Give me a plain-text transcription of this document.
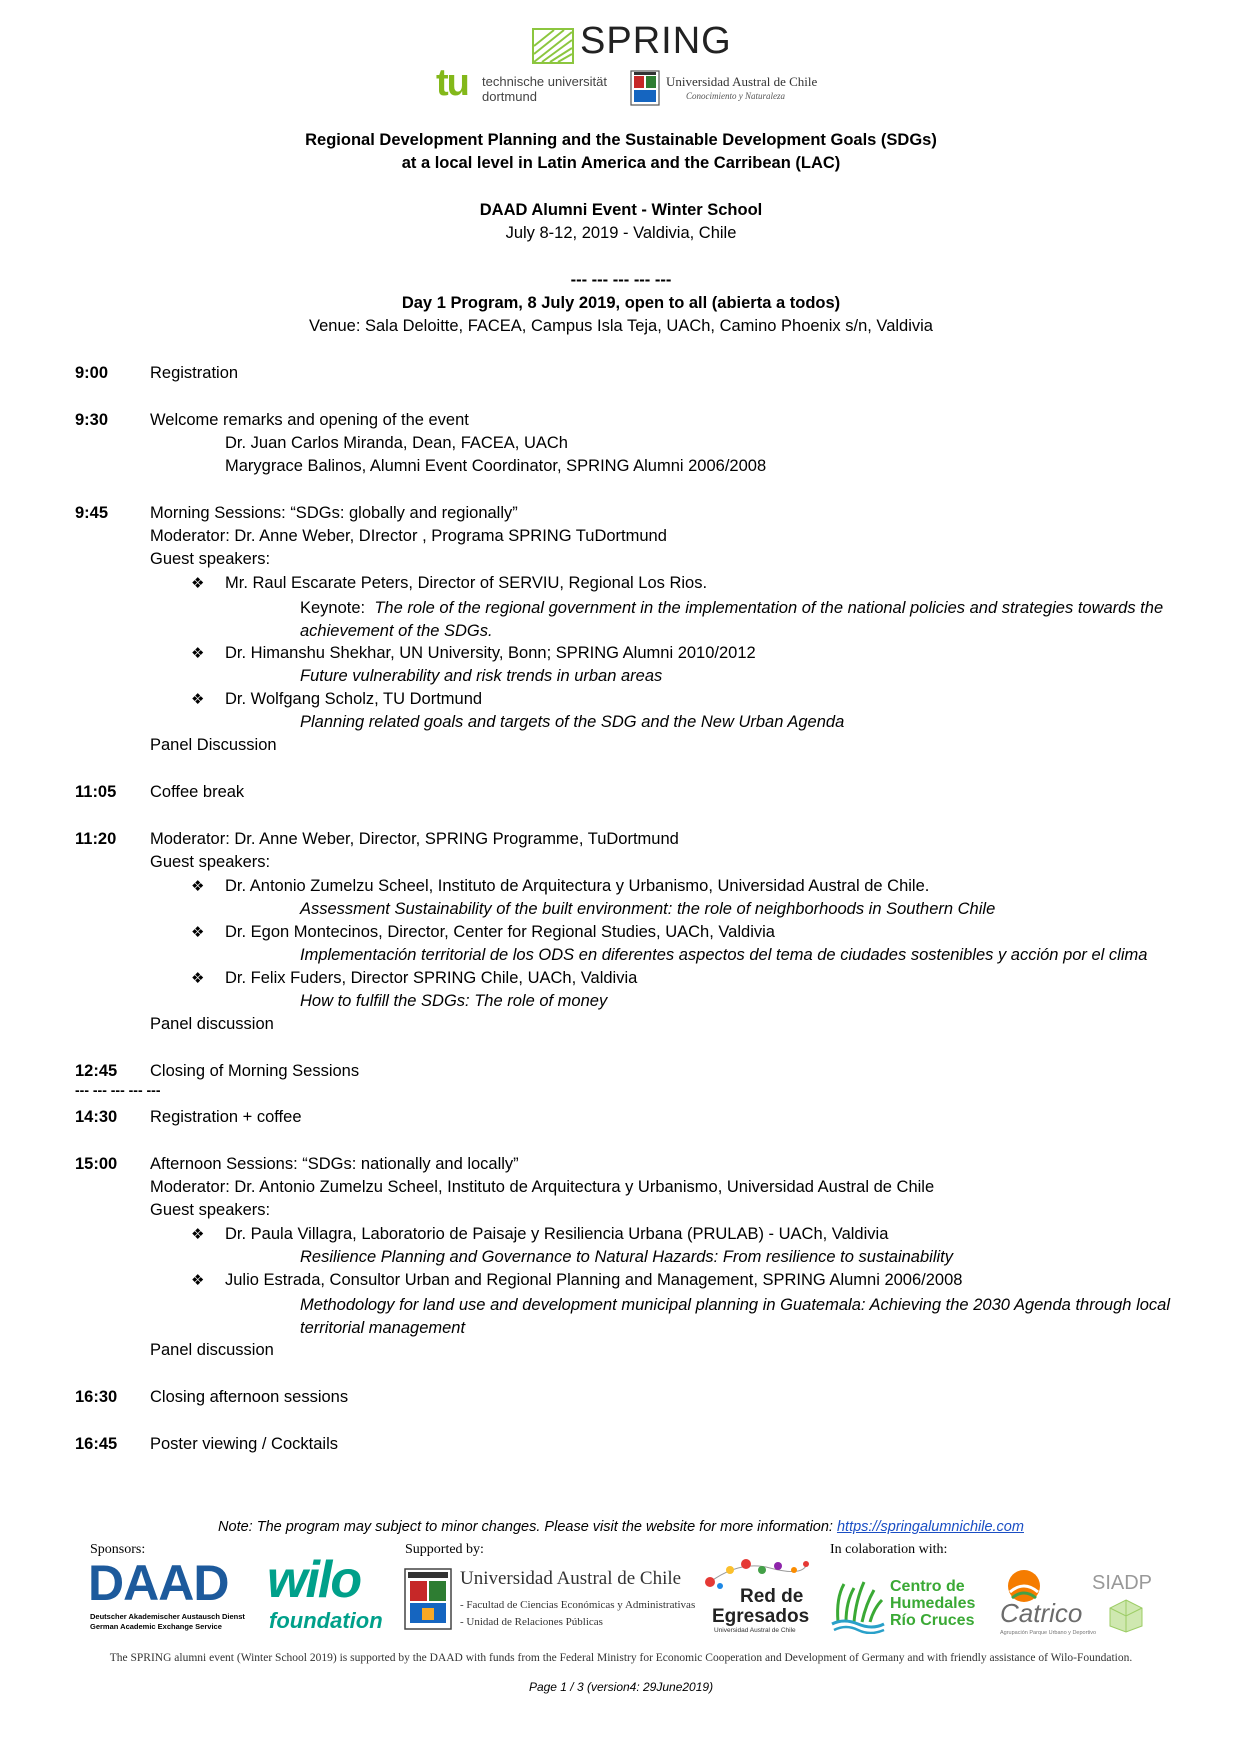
SPRING
tu technische universität
dortmund
Universidad Austral de Chile
Conocimiento y Naturaleza
Regional Development Planning and the Sustainable Development Goals (SDGs)
at a local level in Latin America and the Carribean (LAC)
DAAD Alumni Event - Winter School
July 8-12, 2019 - Valdivia, Chile
--- --- --- --- ---
Day 1 Program, 8 July 2019, open to all (abierta a todos)
Venue: Sala Deloitte, FACEA, Campus Isla Teja, UACh, Camino Phoenix s/n, Valdivia
9:00	Registration
9:30	Welcome remarks and opening of the event
Dr. Juan Carlos Miranda, Dean, FACEA, UACh
Marygrace Balinos, Alumni Event Coordinator, SPRING Alumni 2006/2008
9:45	Morning Sessions: “SDGs: globally and regionally”
Moderator: Dr. Anne Weber, DIrector , Programa SPRING TuDortmund
Guest speakers:
❖ Mr. Raul Escarate Peters, Director of SERVIU, Regional Los Rios.
Keynote: The role of the regional government in the implementation of the national policies and strategies towards the achievement of the SDGs.
❖ Dr. Himanshu Shekhar, UN University, Bonn; SPRING Alumni 2010/2012
Future vulnerability and risk trends in urban areas
❖ Dr. Wolfgang Scholz, TU Dortmund
Planning related goals and targets of the SDG and the New Urban Agenda
Panel Discussion
11:05 Coffee break
11:20 Moderator: Dr. Anne Weber, Director, SPRING Programme, TuDortmund
Guest speakers:
❖ Dr. Antonio Zumelzu Scheel, Instituto de Arquitectura y Urbanismo, Universidad Austral de Chile.
Assessment Sustainability of the built environment: the role of neighborhoods in Southern Chile
❖ Dr. Egon Montecinos, Director, Center for Regional Studies, UACh, Valdivia
Implementación territorial de los ODS en diferentes aspectos del tema de ciudades sostenibles y acción por el clima
❖ Dr. Felix Fuders, Director SPRING Chile, UACh, Valdivia
How to fulfill the SDGs: The role of money
Panel discussion
12:45 Closing of Morning Sessions
--- --- --- --- ---
14:30 Registration + coffee
15:00 Afternoon Sessions: “SDGs: nationally and locally”
Moderator: Dr. Antonio Zumelzu Scheel, Instituto de Arquitectura y Urbanismo, Universidad Austral de Chile
Guest speakers:
❖ Dr. Paula Villagra, Laboratorio de Paisaje y Resiliencia Urbana (PRULAB) - UACh, Valdivia
Resilience Planning and Governance to Natural Hazards: From resilience to sustainability
❖ Julio Estrada, Consultor Urban and Regional Planning and Management, SPRING Alumni 2006/2008
Methodology for land use and development municipal planning in Guatemala: Achieving the 2030 Agenda through local territorial management
Panel discussion
16:30 Closing afternoon sessions
16:45 Poster viewing / Cocktails
Note: The program may subject to minor changes. Please visit the website for more information: https://springalumnichile.com
Sponsors:	Supported by:	In colaboration with:
DAAD
Deutscher Akademischer Austausch Dienst
German Academic Exchange Service
wilo
foundation
Universidad Austral de Chile
- Facultad de Ciencias Económicas y Administrativas
- Unidad de Relaciones Públicas
Red de
Egresados
Universidad Austral de Chile
Centro de
Humedales
Río Cruces Catrico
Agrupación Parque Urbano y Deportivo
SIADP
The SPRING alumni event (Winter School 2019) is supported by the DAAD with funds from the Federal Ministry for Economic Cooperation and Development of Germany and with friendly assistance of Wilo-Foundation.
Page 1 / 3 (version4: 29June2019)
